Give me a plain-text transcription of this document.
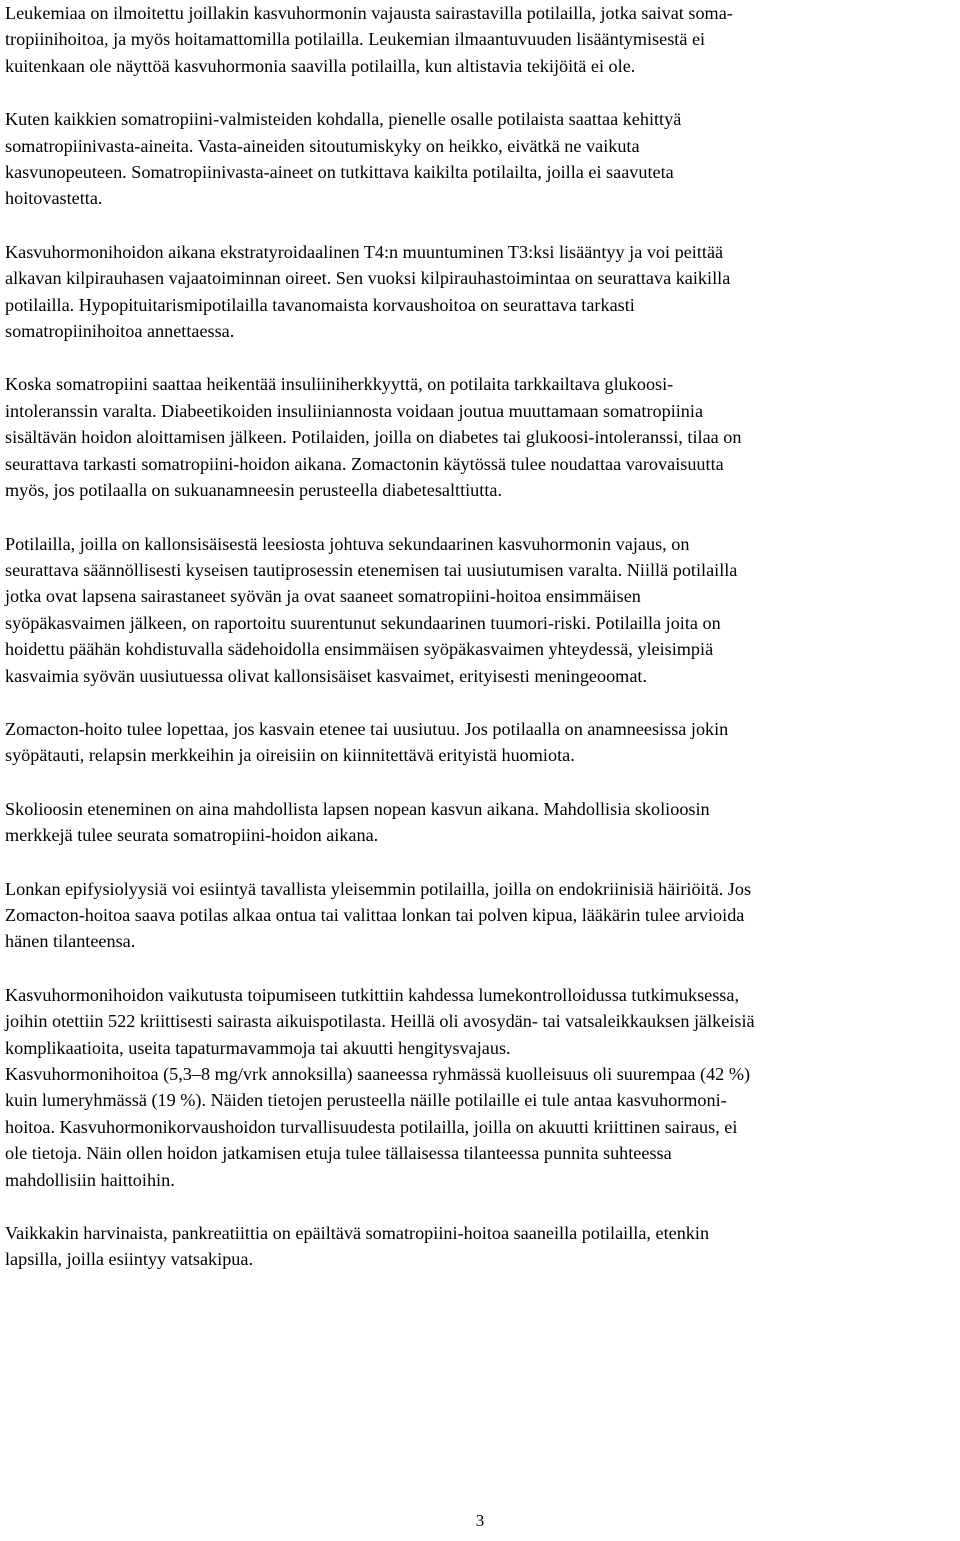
Leukemiaa on ilmoitettu joillakin kasvuhormonin vajausta sairastavilla potilailla, jotka saivat soma-
tropiinihoitoa, ja myös hoitamattomilla potilailla. Leukemian ilmaantuvuuden lisääntymisestä ei
kuitenkaan ole näyttöä kasvuhormonia saavilla potilailla, kun altistavia tekijöitä ei ole.

Kuten kaikkien somatropiini-valmisteiden kohdalla, pienelle osalle potilaista saattaa kehittyä
somatropiinivasta-aineita. Vasta-aineiden sitoutumiskyky on heikko, eivätkä ne vaikuta
kasvunopeuteen. Somatropiinivasta-aineet on tutkittava kaikilta potilailta, joilla ei saavuteta
hoitovastetta.

Kasvuhormonihoidon aikana ekstratyroidaalinen T4:n muuntuminen T3:ksi lisääntyy ja voi peittää
alkavan kilpirauhasen vajaatoiminnan oireet. Sen vuoksi kilpirauhastoimintaa on seurattava kaikilla
potilailla. Hypopituitarismipotilailla tavanomaista korvaushoitoa on seurattava tarkasti
somatropiinihoitoa annettaessa.

Koska somatropiini saattaa heikentää insuliiniherkkyyttä, on potilaita tarkkailtava glukoosi-
intoleranssin varalta. Diabeetikoiden insuliiniannosta voidaan joutua muuttamaan somatropiinia
sisältävän hoidon aloittamisen jälkeen. Potilaiden, joilla on diabetes tai glukoosi-intoleranssi, tilaa on
seurattava tarkasti somatropiini-hoidon aikana. Zomactonin käytössä tulee noudattaa varovaisuutta
myös, jos potilaalla on sukuanamneesin perusteella diabetesalttiutta.

Potilailla, joilla on kallonsisäisestä leesiosta johtuva sekundaarinen kasvuhormonin vajaus, on
seurattava säännöllisesti kyseisen tautiprosessin etenemisen tai uusiutumisen varalta. Niillä potilailla
jotka ovat lapsena sairastaneet syövän ja ovat saaneet somatropiini-hoitoa ensimmäisen
syöpäkasvaimen jälkeen, on raportoitu suurentunut sekundaarinen tuumori-riski. Potilailla joita on
hoidettu päähän kohdistuvalla sädehoidolla ensimmäisen syöpäkasvaimen yhteydessä, yleisimpiä
kasvaimia syövän uusiutuessa olivat kallonsisäiset kasvaimet, erityisesti meningeoomat.

Zomacton-hoito tulee lopettaa, jos kasvain etenee tai uusiutuu. Jos potilaalla on anamneesissa jokin
syöpätauti, relapsin merkkeihin ja oireisiin on kiinnitettävä erityistä huomiota.

Skolioosin eteneminen on aina mahdollista lapsen nopean kasvun aikana. Mahdollisia skolioosin
merkkejä tulee seurata somatropiini-hoidon aikana.

Lonkan epifysiolyysiä voi esiintyä tavallista yleisemmin potilailla, joilla on endokriinisiä häiriöitä. Jos
Zomacton-hoitoa saava potilas alkaa ontua tai valittaa lonkan tai polven kipua, lääkärin tulee arvioida
hänen tilanteensa.

Kasvuhormonihoidon vaikutusta toipumiseen tutkittiin kahdessa lumekontrolloidussa tutkimuksessa,
joihin otettiin 522 kriittisesti sairasta aikuispotilasta. Heillä oli avosydän- tai vatsaleikkauksen jälkeisiä
komplikaatioita, useita tapaturmavammoja tai akuutti hengitysvajaus.

Kasvuhormonihoitoa (5,3–8 mg/vrk annoksilla) saaneessa ryhmässä kuolleisuus oli suurempaa (42 %)
kuin lumeryhmässä (19 %). Näiden tietojen perusteella näille potilaille ei tule antaa kasvuhormoni-
hoitoa. Kasvuhormonikorvaushoidon turvallisuudesta potilailla, joilla on akuutti kriittinen sairaus, ei
ole tietoja. Näin ollen hoidon jatkamisen etuja tulee tällaisessa tilanteessa punnita suhteessa
mahdollisiin haittoihin.

Vaikkakin harvinaista, pankreatiittia on epäiltävä somatropiini-hoitoa saaneilla potilailla, etenkin
lapsilla, joilla esiintyy vatsakipua.

3
